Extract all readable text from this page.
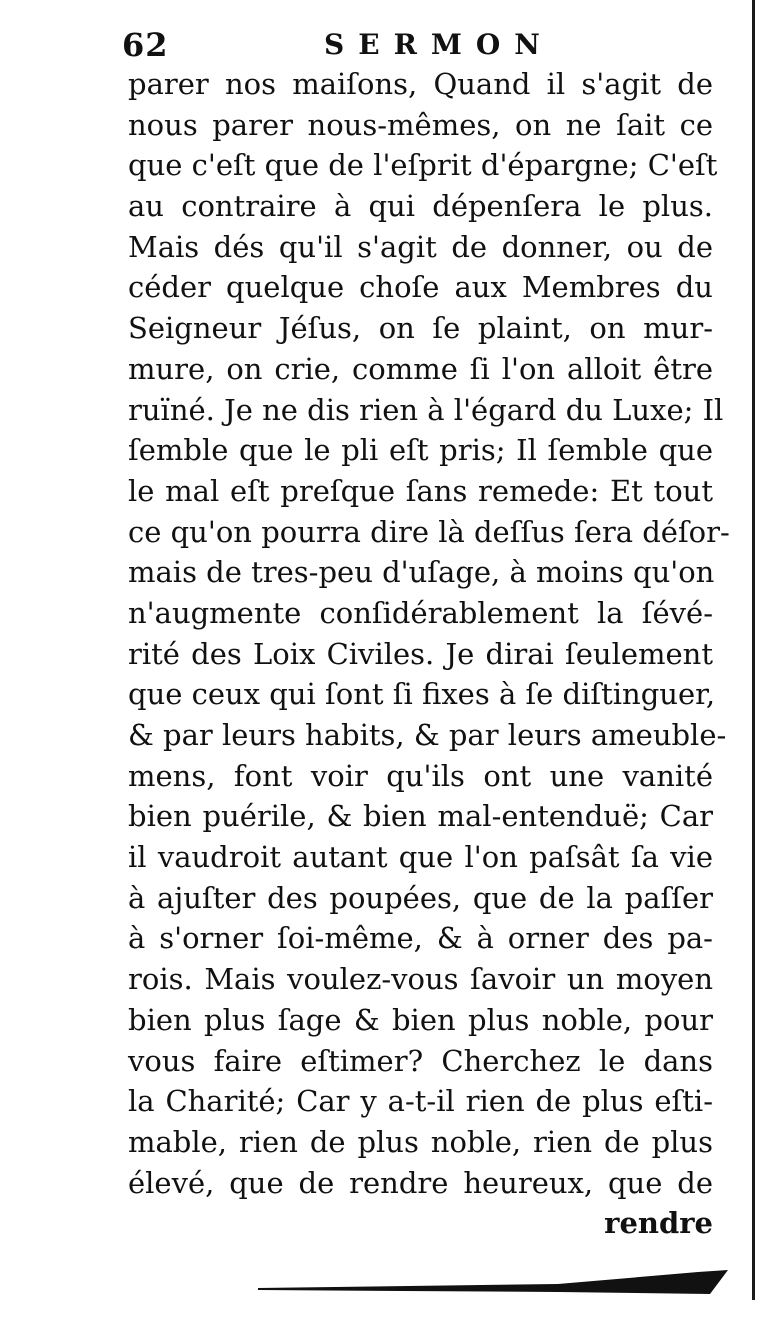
62	SERMON
parer nos maiſons, Quand il s'agit de
nous parer nous-mêmes, on ne ſait ce
que c'eſt que de l'eſprit d'épargne; C'eſt
au contraire à qui dépenſera le plus.
Mais dés qu'il s'agit de donner, ou de
céder quelque choſe aux Membres du
Seigneur Jéſus, on ſe plaint, on mur-
mure, on crie, comme ſi l'on alloit être
ruïné. Je ne dis rien à l'égard du Luxe; Il
ſemble que le pli eſt pris; Il ſemble que
le mal eſt preſque ſans remede: Et tout
ce qu'on pourra dire là deſſus ſera déſor-
mais de tres-peu d'uſage, à moins qu'on
n'augmente conſidérablement la ſévé-
rité des Loix Civiles. Je dirai ſeulement
que ceux qui ſont ſi fixes à ſe diſtinguer,
& par leurs habits, & par leurs ameuble-
mens, font voir qu'ils ont une vanité
bien puérile, & bien mal-entenduë; Car
il vaudroit autant que l'on paſsât ſa vie
à ajuſter des poupées, que de la paſſer
à s'orner ſoi-même, & à orner des pa-
rois. Mais voulez-vous ſavoir un moyen
bien plus ſage & bien plus noble, pour
vous faire eſtimer? Cherchez le dans
la Charité; Car y a-t-il rien de plus eſti-
mable, rien de plus noble, rien de plus
élevé, que de rendre heureux, que de
rendre
